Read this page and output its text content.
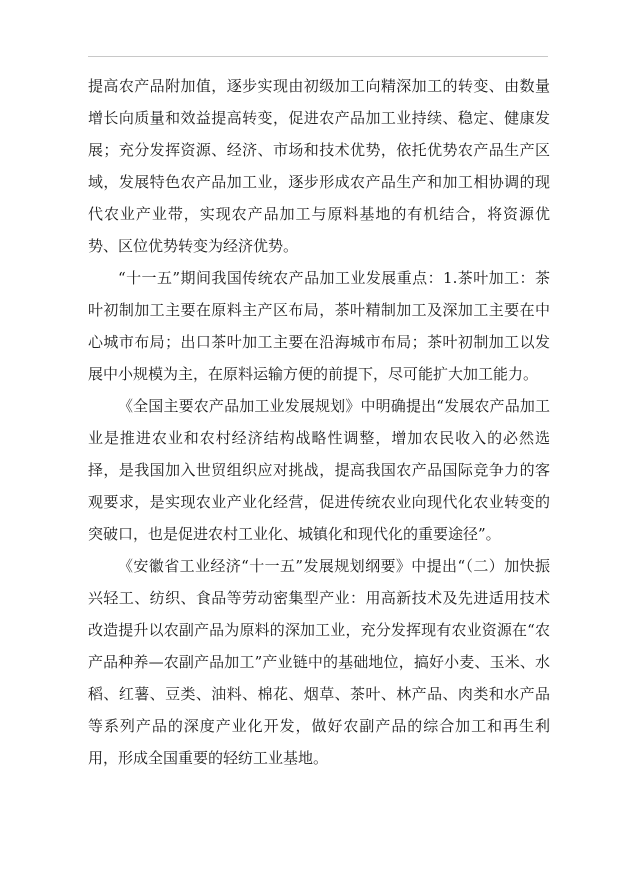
提高农产品附加值，逐步实现由初级加工向精深加工的转变、由数量增长向质量和效益提高转变，促进农产品加工业持续、稳定、健康发展；充分发挥资源、经济、市场和技术优势，依托优势农产品生产区域，发展特色农产品加工业，逐步形成农产品生产和加工相协调的现代农业产业带，实现农产品加工与原料基地的有机结合，将资源优势、区位优势转变为经济优势。

“十一五”期间我国传统农产品加工业发展重点：1.茶叶加工：茶叶初制加工主要在原料主产区布局，茶叶精制加工及深加工主要在中心城市布局；出口茶叶加工主要在沿海城市布局；茶叶初制加工以发展中小规模为主，在原料运输方便的前提下，尽可能扩大加工能力。

《全国主要农产品加工业发展规划》中明确提出“发展农产品加工业是推进农业和农村经济结构战略性调整，增加农民收入的必然选择，是我国加入世贸组织应对挑战，提高我国农产品国际竞争力的客观要求，是实现农业产业化经营，促进传统农业向现代化农业转变的突破口，也是促进农村工业化、城镇化和现代化的重要途径”。

《安徽省工业经济“十一五”发展规划纲要》中提出“（二）加快振兴轻工、纺织、食品等劳动密集型产业：用高新技术及先进适用技术改造提升以农副产品为原料的深加工业，充分发挥现有农业资源在“农产品种养—农副产品加工”产业链中的基础地位，搞好小麦、玉米、水稻、红薯、豆类、油料、棉花、烟草、茶叶、林产品、肉类和水产品等系列产品的深度产业化开发，做好农副产品的综合加工和再生利用，形成全国重要的轻纺工业基地。
